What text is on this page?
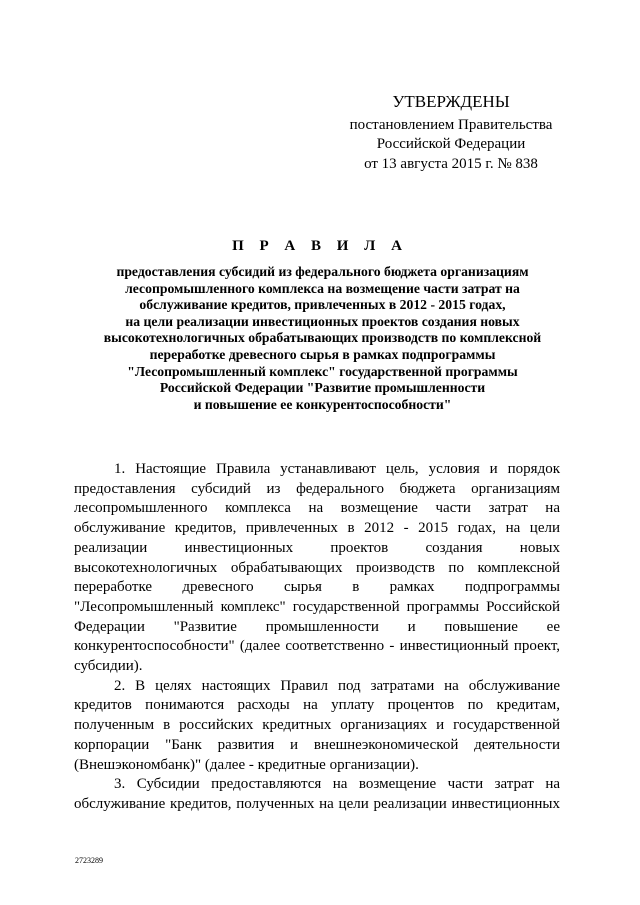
УТВЕРЖДЕНЫ
постановлением Правительства
Российской Федерации
от 13 августа 2015 г. № 838
П Р А В И Л А
предоставления субсидий из федерального бюджета организациям
лесопромышленного комплекса на возмещение части затрат на
обслуживание кредитов, привлеченных в 2012 - 2015 годах,
на цели реализации инвестиционных проектов создания новых
высокотехнологичных обрабатывающих производств по комплексной
переработке древесного сырья в рамках подпрограммы
"Лесопромышленный комплекс" государственной программы
Российской Федерации "Развитие промышленности
и повышение ее конкурентоспособности"
1. Настоящие Правила устанавливают цель, условия и порядок
предоставления субсидий из федерального бюджета организациям
лесопромышленного комплекса на возмещение части затрат на
обслуживание кредитов, привлеченных в 2012 - 2015 годах, на цели
реализации инвестиционных проектов создания новых
высокотехнологичных обрабатывающих производств по комплексной
переработке древесного сырья в рамках подпрограммы
"Лесопромышленный комплекс" государственной программы Российской
Федерации "Развитие промышленности и повышение ее
конкурентоспособности" (далее соответственно - инвестиционный проект,
субсидии).
2. В целях настоящих Правил под затратами на обслуживание
кредитов понимаются расходы на уплату процентов по кредитам,
полученным в российских кредитных организациях и государственной
корпорации "Банк развития и внешнеэкономической деятельности
(Внешэкономбанк)" (далее - кредитные организации).
3. Субсидии предоставляются на возмещение части затрат на
обслуживание кредитов, полученных на цели реализации инвестиционных
2723289
